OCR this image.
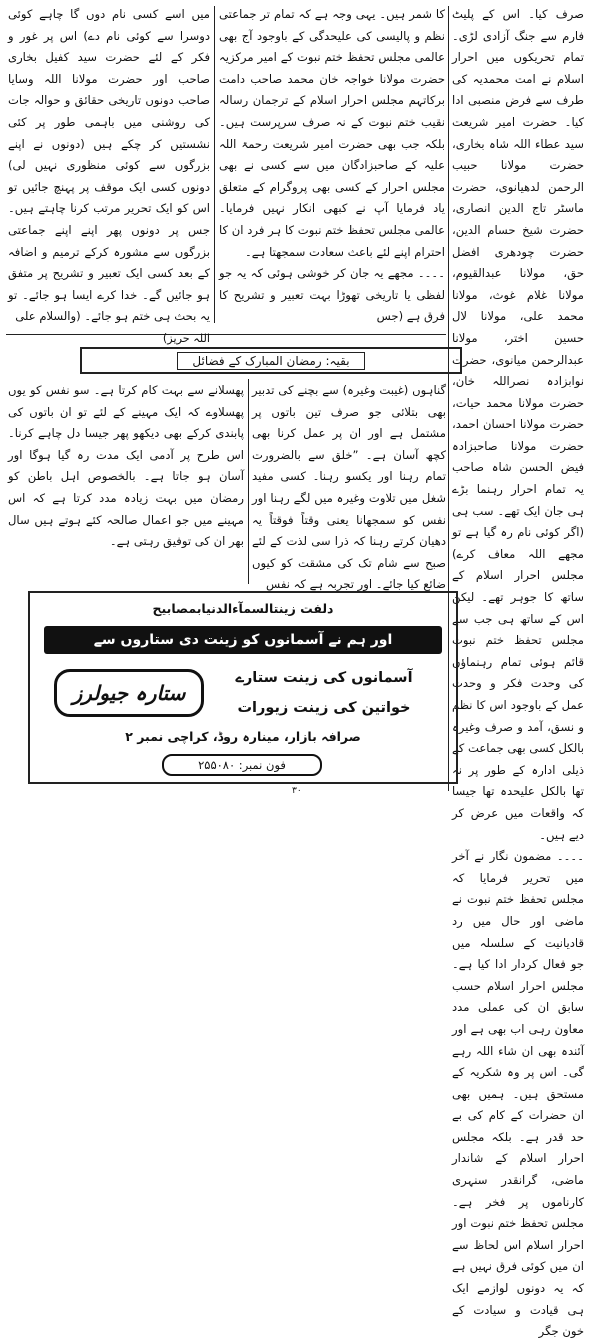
صرف کیا۔ اس کے پلیٹ فارم سے جنگ آزادی لڑی۔ تمام تحریکوں میں احرار اسلام نے امت محمدیہ کی طرف سے فرض منصبی ادا کیا۔ حضرت امیر شریعت سید عطاء اللہ شاہ بخاری، حضرت مولانا حبیب الرحمن لدھیانوی، حضرت ماسٹر تاج الدین انصاری، حضرت شیخ حسام الدین، حضرت چودھری افضل حق، مولانا عبدالقیوم، مولانا غلام غوث، مولانا محمد علی، مولانا لال حسین اختر، مولانا عبدالرحمن میانوی، حضرت نوابزادہ نصراللہ خان، حضرت مولانا محمد حیات، حضرت مولانا احسان احمد، حضرت مولانا صاحبزادہ فیض الحسن شاہ صاحب یہ تمام احرار رہنما بڑے ہی جان ایک تھے۔ سب ہی (اگر کوئی نام رہ گیا ہے تو مجھے اللہ معاف کرے) مجلس احرار اسلام کے ساتھ کا جوہر تھے۔ لیکن اس کے ساتھ ہی جب سے مجلس تحفظ ختم نبوت قائم ہوئی تمام رہنماؤں کی وحدت فکر و وحدت عمل کے باوجود اس کا نظم و نسق، آمد و صرف وغیرہ بالکل کسی بھی جماعت کے ذیلی ادارہ کے طور پر نہ تھا بالکل علیحدہ تھا جیسا کہ واقعات میں عرض کر دیے ہیں۔

۔۔۔۔ مضمون نگار نے آخر میں تحریر فرمایا کہ مجلس تحفظ ختم نبوت نے ماضی اور حال میں رد قادیانیت کے سلسلہ میں جو فعال کردار ادا کیا ہے۔ مجلس احرار اسلام حسب سابق ان کی عملی مدد معاون رہی اب بھی ہے اور آئندہ بھی ان شاء اللہ رہے گی۔ اس پر وہ شکریہ کے مستحق ہیں۔ ہمیں بھی ان حضرات کے کام کی بے حد قدر ہے۔ بلکہ مجلس احرار اسلام کے شاندار ماضی، گرانقدر سنہری کارناموں پر فخر ہے۔ مجلس تحفظ ختم نبوت اور احرار اسلام اس لحاظ سے ان میں کوئی فرق نہیں ہے کہ یہ دونوں لوازمے ایک ہی قیادت و سیادت کے خون جگر

کا شمر ہیں۔ یہی وجہ ہے کہ تمام تر جماعتی نظم و پالیسی کی علیحدگی کے باوجود آج بھی عالمی مجلس تحفظ ختم نبوت کے امیر مرکزیہ حضرت مولانا خواجہ خان محمد صاحب دامت برکاتہم مجلس احرار اسلام کے ترجمان رسالہ نقیب ختم نبوت کے نہ صرف سرپرست ہیں۔ بلکہ جب بھی حضرت امیر شریعت رحمۃ اللہ علیہ کے صاحبزادگان میں سے کسی نے بھی مجلس احرار کے کسی بھی پروگرام کے متعلق یاد فرمایا آپ نے کبھی انکار نہیں فرمایا۔ عالمی مجلس تحفظ ختم نبوت کا ہر فرد ان کا احترام اپنے لئے باعث سعادت سمجھتا ہے۔

۔۔۔۔ مجھے یہ جان کر خوشی ہوئی کہ یہ جو لفظی یا تاریخی تھوڑا بہت تعبیر و تشریح کا فرق ہے (جس

میں اسے کسی نام دوں گا چاہے کوئی دوسرا سے کوئی نام دے) اس پر غور و فکر کے لئے حضرت سید کفیل بخاری صاحب اور حضرت مولانا اللہ وسایا صاحب دونوں تاریخی حقائق و حوالہ جات کی روشنی میں باہمی طور پر کئی نشستیں کر چکے ہیں (دونوں نے اپنے بزرگوں سے کوئی منظوری نہیں لی) دونوں کسی ایک موقف پر پہنچ جائیں تو اس کو ایک تحریر مرتب کرنا چاہتے ہیں۔ جس پر دونوں پھر اپنے اپنے جماعتی بزرگوں سے مشورہ کرکے ترمیم و اضافہ کے بعد کسی ایک تعبیر و تشریح پر متفق ہو جائیں گے۔ خدا کرے ایسا ہو جائے۔ تو یہ بحث ہی ختم ہو جائے۔ (والسلام علی

اللہ حریز)

بقیہ: رمضان المبارک کے فضائل

گناہوں (غیبت وغیرہ) سے بچنے کی تدبیر بھی بتلائی جو صرف تین باتوں پر مشتمل ہے اور ان پر عمل کرنا بھی کچھ آسان ہے۔ ”خلق سے بالضرورت تمام رہنا اور یکسو رہنا۔ کسی مفید شغل میں تلاوت وغیرہ میں لگے رہنا اور نفس کو سمجھانا یعنی وقتاً فوقتاً یہ دھیان کرتے رہنا کہ ذرا سی لذت کے لئے صبح سے شام تک کی مشقت کو کیوں ضائع کیا جائے۔ اور تجربہ ہے کہ نفس

پھسلانے سے بہت کام کرتا ہے۔ سو نفس کو یوں پھسلاوے کہ ایک مہینے کے لئے تو ان باتوں کی پابندی کرکے بھی دیکھو پھر جیسا دل چاہے کرنا۔ اس طرح پر آدمی ایک مدت رہ گیا ہوگا اور آسان ہو جاتا ہے۔ بالخصوص اہل باطن کو رمضان میں بہت زیادہ مدد کرتا ہے کہ اس مہینے میں جو اعمال صالحہ کئے ہوتے ہیں سال بھر ان کی توفیق رہتی ہے۔

دلفت زینتالسمآءالدنیابمصابیح
اور ہم نے آسمانوں کو زینت دی ستاروں سے
ستارہ جیولرز
آسمانوں کی زینت ستارے
خواتین کی زینت زیورات
صرافہ بازار، مینارہ روڈ، کراچی نمبر ۲
فون نمبر: ۲۵۵۰۸۰
۳۰
